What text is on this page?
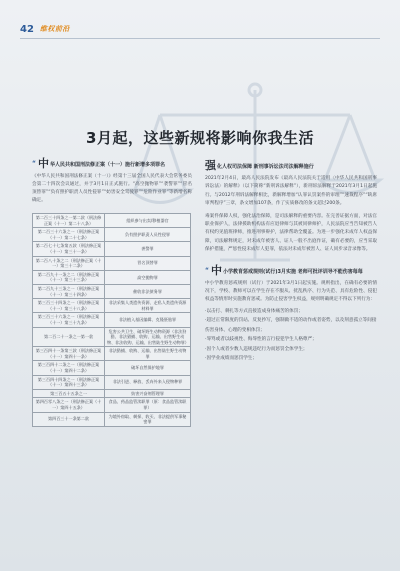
42 维权前沿
3月起，这些新规将影响你我生活
“ 中 华人民共和国刑法修正案（十一）施行新增多项罪名

《中华人民共和国刑法修正案（十一）》经第十三届全国人民代表大会常务委员会第二十四次会议通过，并于3月1日正式施行。“高空抛物罪”“袭警罪”“冒名顶替罪”“负有照护职责人员性侵罪”“妨害安全驾驶罪”“危险作业罪”等新增名称确定。

第二百三十四条之一第二款（刑法修正案（十一）第二十八条）	组织参与出卖/移植器官
第二百三十六条之一（刑法修正案（十一）第二十七条）	负有照护职责人员性侵罪
第二百七十七条第五款（刑法修正案（十一）第三十一条）	袭警罪
第二百八十条之二（刑法修正案（十一）第三十二条）	冒名顶替罪
第二百九十一条之二（刑法修正案（十一）第三十三条）	高空抛物罪
第二百九十三条之一（刑法修正案（十一）第三十四条）	催收非法债务罪
第三百三十四条之一（刑法修正案（十一）第三十八条）	非法采集人类遗传资源、走私人类遗传资源材料罪
第三百三十六条之一（刑法修正案（十一）第三十九条）	非法植入基因编辑、克隆胚胎罪
第二百二十一条之一第一款	危害公共卫生、破坏野生动物资源（非法狩猎、非法猎捕、收购、运输、出售野生动物、非法收购、运输、出售陆生野生动物罪）
第三百四十一条第三款（刑法修正案（十一）第四十一条）	非法猎捕、收购、运输、出售陆生野生动物罪
第三百四十二条之一（刑法修正案（十一）第四十二条）	破坏自然保护地罪
第三百四十四条之一（刑法修正案（十一）第四十三条）	非法引进、释放、丢弃外来入侵物种罪
第三百五十五条之一	妨害兴奋剂管理罪
第四百零八条之一（刑法修正案（十一）第四十五条）	食品、药品监管渎职罪（原：食品监管渎职罪）
第四百三十一条第二款	为境外窃取、刺探、收买、非法提供军事秘密罪
强 化人权司法保障 新刑事诉讼法司法解释施行

2021年2月4日，最高人民法院发布《最高人民法院关于适用〈中华人民共和国刑事诉讼法〉的解释》（以下简称“新刑诉法解释”），新刑诉法解释于2021年3月1日起施行。与2012年刑诉法解释相比，新解释增加“认罪认罚案件的审理”“速裁程序”“缺席审判程序”三章，条文增加107条，作了实质修改的条文超过200条。

毒案件保障人权，强化法治保障，是司法解释的重要内容。在完善证据方面，对法官职业保护人，法律援助机构法有应退律师与其被同律师护，人民法院应当告知被告人有权约见值班律师，推进刑事辩护，法律帮助全覆盖。为进一步强化未成年人权益保障，司法解释规定，对未成年被害人、证人一般不出庭作证，确有必要的，应当采取保护措施，严惩性侵未成年人犯罪，依法对未成年被害人、证人同步录音录像等。

“ 中 小学教育惩戒规则(试行)3月实施 老师可批评训导不能伤害每每

中小学教育惩戒规则（试行）于2021年3月1日起实施。规则指出，在确有必要的情况下，学校、教师可以在学生存在不服从、扰乱秩序、行为失范、具有危险性、侵犯权益等情形时实施教育惩戒。为防止侵害学生权益，规则明确规定不得以下列行为：

·以击打、刺扎等方式直接造成身体痛苦的体罚；
·超过正常限度的罚站、反复抄写，强制做不适的动作或者姿势，以及刻意孤立等间接伤害身体、心理的变相体罚；
·辱骂或者以歧视性、侮辱性的言行侵犯学生人格尊严；
·因个人或者少数人违规违纪行为而惩罚全体学生；
·因学业成绩而惩罚学生；
